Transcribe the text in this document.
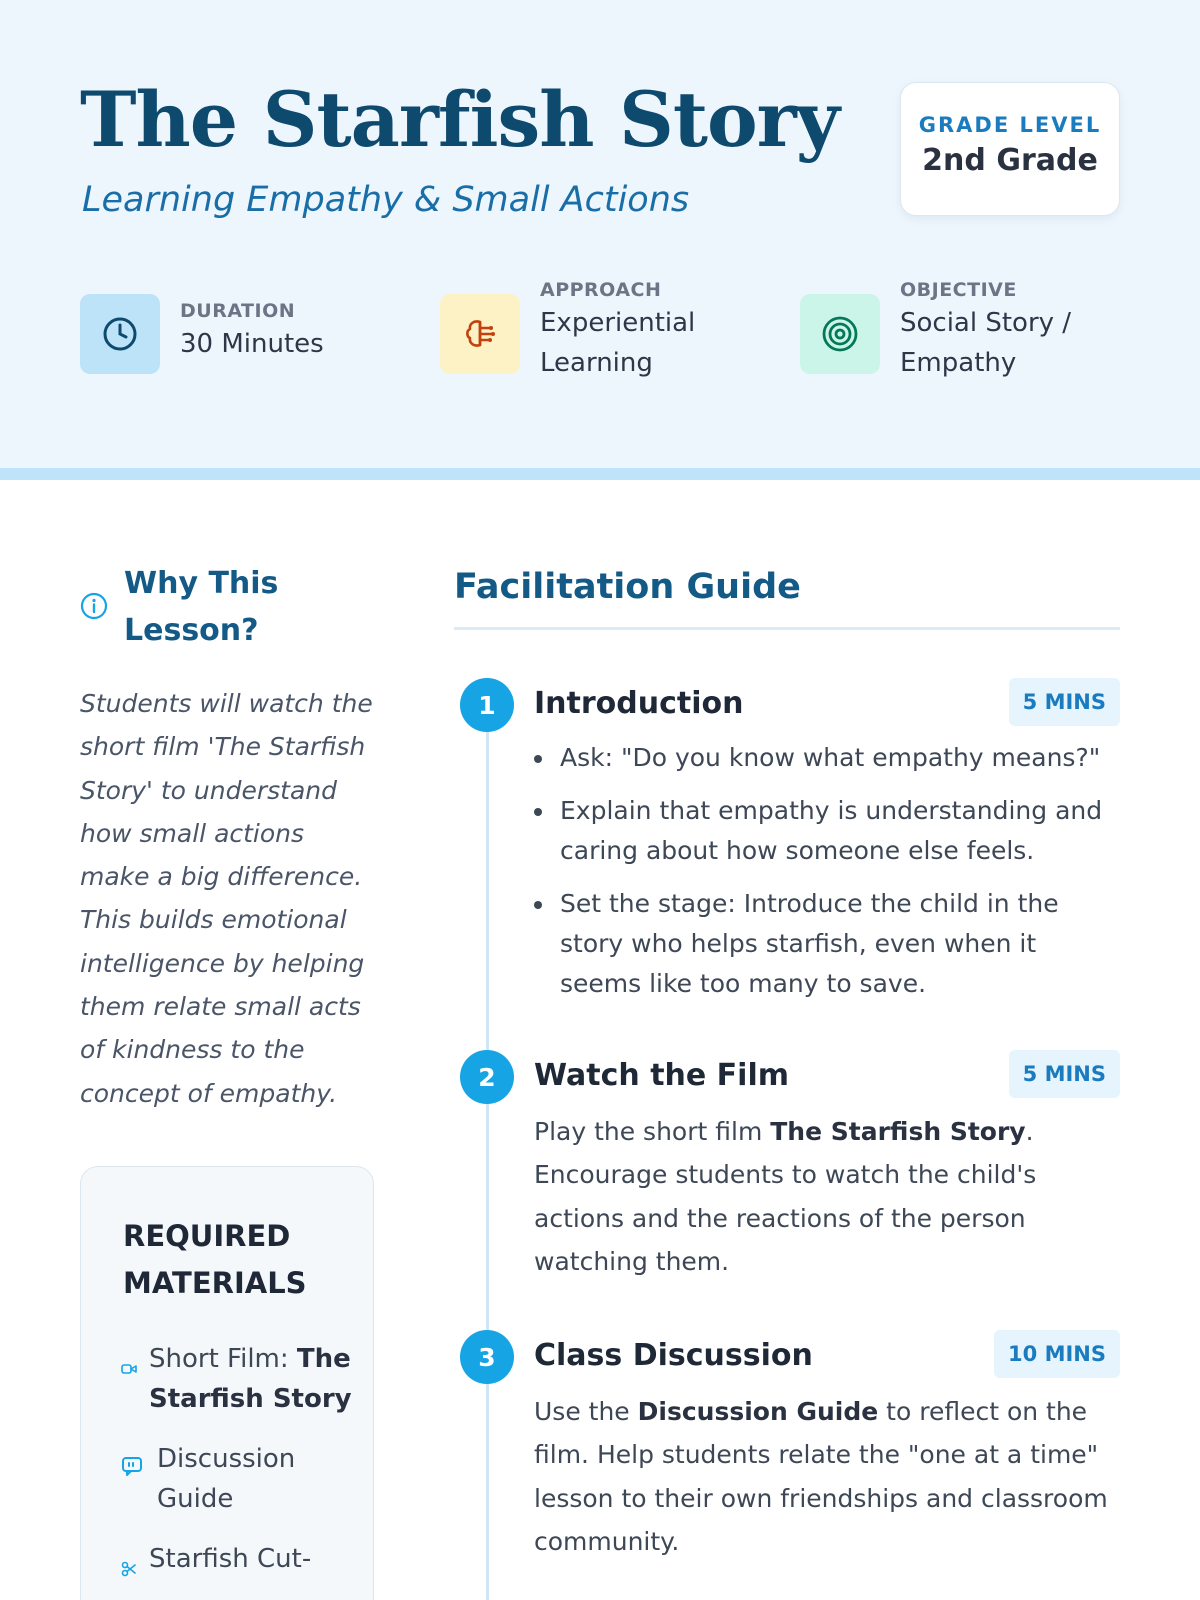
The Starfish Story
Learning Empathy & Small Actions
GRADE LEVEL
2nd Grade
DURATION
30 Minutes
APPROACH
Experiential Learning
OBJECTIVE
Social Story / Empathy
Why This Lesson?

Students will watch the short film 'The Starfish Story' to understand how small actions make a big difference. This builds emotional intelligence by helping them relate small acts of kindness to the concept of empathy.

REQUIRED MATERIALS
Short Film: The Starfish Story
Discussion Guide
Starfish Cut-
Facilitation Guide
1	Introduction	5 MINS
Ask: "Do you know what empathy means?"
Explain that empathy is understanding and caring about how someone else feels.
Set the stage: Introduce the child in the story who helps starfish, even when it seems like too many to save.
2	Watch the Film	5 MINS

Play the short film The Starfish Story. Encourage students to watch the child's actions and the reactions of the person watching them.

3	Class Discussion	10 MINS

Use the Discussion Guide to reflect on the film. Help students relate the "one at a time" lesson to their own friendships and classroom community.
